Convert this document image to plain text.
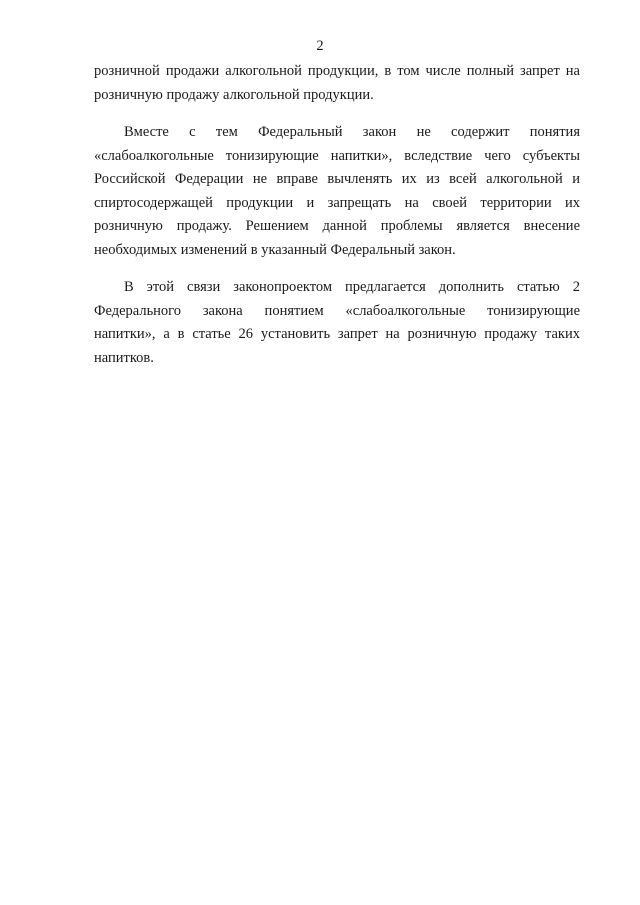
2

розничной продажи алкогольной продукции, в том числе полный запрет на
розничную продажу алкогольной продукции.

Вместе с тем Федеральный закон не содержит понятия
«слабоалкогольные тонизирующие напитки», вследствие чего субъекты
Российской Федерации не вправе вычленять их из всей алкогольной и
спиртосодержащей продукции и запрещать на своей территории их
розничную продажу. Решением данной проблемы является внесение
необходимых изменений в указанный Федеральный закон.

В этой связи законопроектом предлагается дополнить статью 2
Федерального закона понятием «слабоалкогольные тонизирующие
напитки», а в статье 26 установить запрет на розничную продажу таких
напитков.
